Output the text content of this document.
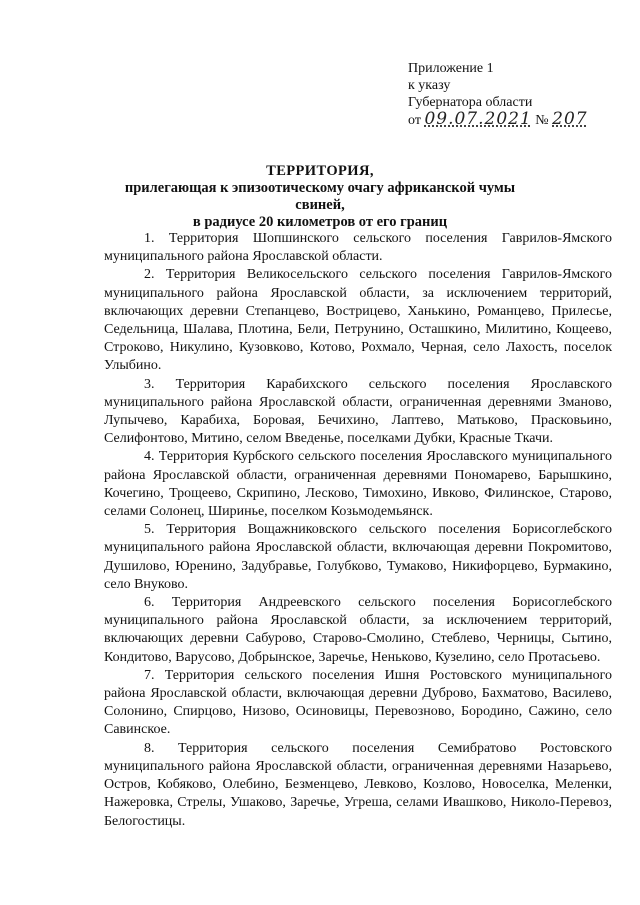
Приложение 1
к указу
Губернатора области
от 09.07.2021 № 207
ТЕРРИТОРИЯ,
прилегающая к эпизоотическому очагу африканской чумы свиней,
в радиусе 20 километров от его границ

1. Территория Шопшинского сельского поселения Гаврилов-Ямского муниципального района Ярославской области.

2. Территория Великосельского сельского поселения Гаврилов-Ямского муниципального района Ярославской области, за исключением территорий, включающих деревни Степанцево, Вострицево, Ханькино, Романцево, Прилесье, Седельница, Шалава, Плотина, Бели, Петрунино, Осташкино, Милитино, Кощеево, Строково, Никулино, Кузовково, Котово, Рохмало, Черная, село Лахость, поселок Улыбино.

3. Территория Карабихского сельского поселения Ярославского муниципального района Ярославской области, ограниченная деревнями Зманово, Лупычево, Карабиха, Боровая, Бечихино, Лаптево, Матьково, Прасковьино, Селифонтово, Митино, селом Введенье, поселками Дубки, Красные Ткачи.

4. Территория Курбского сельского поселения Ярославского муниципального района Ярославской области, ограниченная деревнями Пономарево, Барышкино, Кочегино, Трощеево, Скрипино, Лесково, Тимохино, Ивково, Филинское, Старово, селами Солонец, Ширинье, поселком Козьмодемьянск.

5. Территория Вощажниковского сельского поселения Борисоглебского муниципального района Ярославской области, включающая деревни Покромитово, Душилово, Юренино, Задубравье, Голубково, Тумаково, Никифорцево, Бурмакино, село Внуково.

6. Территория Андреевского сельского поселения Борисоглебского муниципального района Ярославской области, за исключением территорий, включающих деревни Сабурово, Старово-Смолино, Стеблево, Черницы, Сытино, Кондитово, Варусово, Добрынское, Заречье, Неньково, Кузелино, село Протасьево.

7. Территория сельского поселения Ишня Ростовского муниципального района Ярославской области, включающая деревни Дуброво, Бахматово, Василево, Солонино, Спирцово, Низово, Осиновицы, Перевозново, Бородино, Сажино, село Савинское.

8. Территория сельского поселения Семибратово Ростовского муниципального района Ярославской области, ограниченная деревнями Назарьево, Остров, Кобяково, Олебино, Безменцево, Левково, Козлово, Новоселка, Меленки, Нажеровка, Стрелы, Ушаково, Заречье, Угреша, селами Ивашково, Николо-Перевоз, Белогостицы.
